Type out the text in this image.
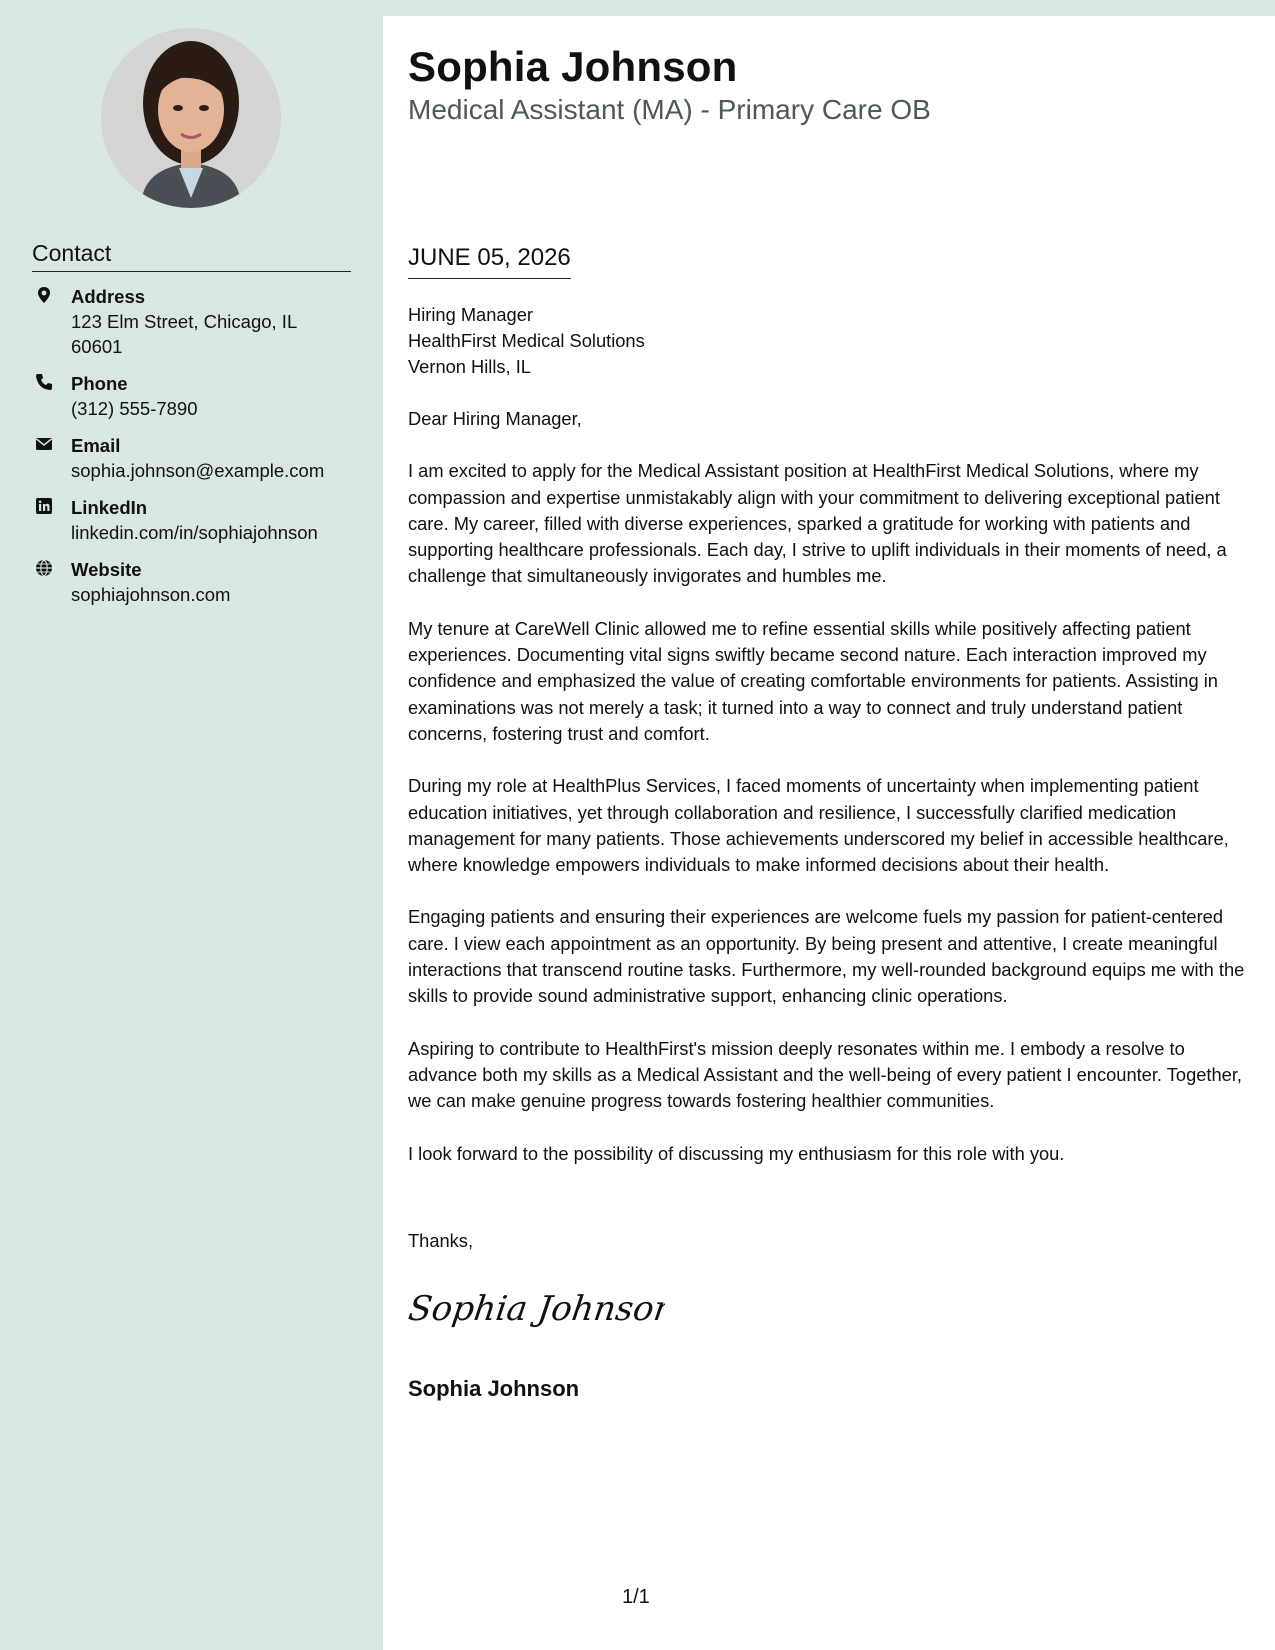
Contact
Address
123 Elm Street, Chicago, IL 60601
Phone
(312) 555-7890
Email
sophia.johnson@example.com
LinkedIn
linkedin.com/in/sophiajohnson
Website
sophiajohnson.com
Sophia Johnson
Medical Assistant (MA) - Primary Care OB
JUNE 05, 2026
Hiring Manager
HealthFirst Medical Solutions
Vernon Hills, IL

Dear Hiring Manager,

I am excited to apply for the Medical Assistant position at HealthFirst Medical Solutions, where my compassion and expertise unmistakably align with your commitment to delivering exceptional patient care. My career, filled with diverse experiences, sparked a gratitude for working with patients and supporting healthcare professionals. Each day, I strive to uplift individuals in their moments of need, a challenge that simultaneously invigorates and humbles me.

My tenure at CareWell Clinic allowed me to refine essential skills while positively affecting patient experiences. Documenting vital signs swiftly became second nature. Each interaction improved my confidence and emphasized the value of creating comfortable environments for patients. Assisting in examinations was not merely a task; it turned into a way to connect and truly understand patient concerns, fostering trust and comfort.

During my role at HealthPlus Services, I faced moments of uncertainty when implementing patient education initiatives, yet through collaboration and resilience, I successfully clarified medication management for many patients. Those achievements underscored my belief in accessible healthcare, where knowledge empowers individuals to make informed decisions about their health.

Engaging patients and ensuring their experiences are welcome fuels my passion for patient-centered care. I view each appointment as an opportunity. By being present and attentive, I create meaningful interactions that transcend routine tasks. Furthermore, my well-rounded background equips me with the skills to provide sound administrative support, enhancing clinic operations.

Aspiring to contribute to HealthFirst's mission deeply resonates within me. I embody a resolve to advance both my skills as a Medical Assistant and the well-being of every patient I encounter. Together, we can make genuine progress towards fostering healthier communities.

I look forward to the possibility of discussing my enthusiasm for this role with you.

Thanks,
Sophia Johnson
Sophia Johnson
1/1
